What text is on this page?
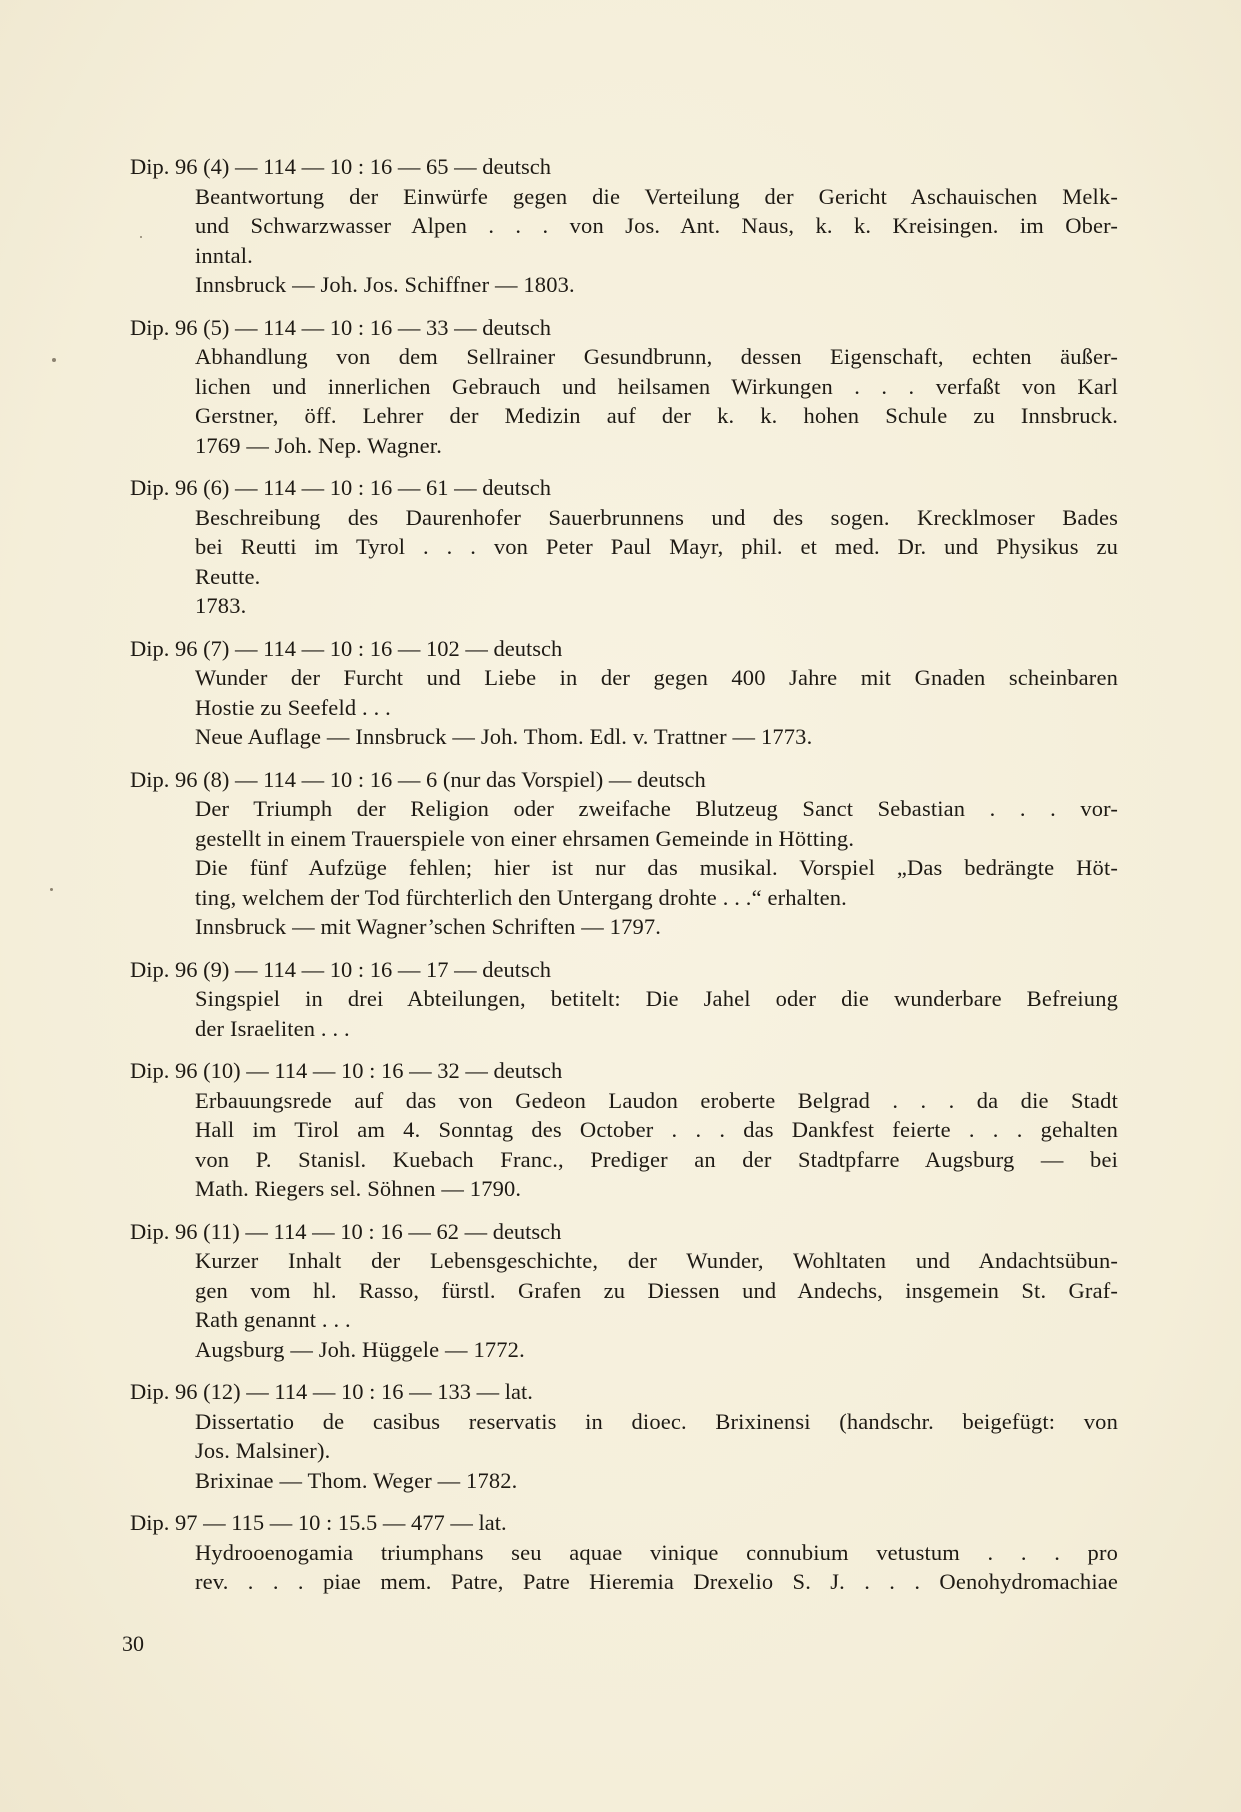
Dip. 96 (4) — 114 — 10 : 16 — 65 — deutsch

Beantwortung der Einwürfe gegen die Verteilung der Gericht Aschauischen Melk-

und Schwarzwasser Alpen . . . von Jos. Ant. Naus, k. k. Kreisingen. im Ober-

inntal.

Innsbruck — Joh. Jos. Schiffner — 1803.

Dip. 96 (5) — 114 — 10 : 16 — 33 — deutsch

Abhandlung von dem Sellrainer Gesundbrunn, dessen Eigenschaft, echten äußer-

lichen und innerlichen Gebrauch und heilsamen Wirkungen . . . verfaßt von Karl

Gerstner, öff. Lehrer der Medizin auf der k. k. hohen Schule zu Innsbruck.

1769 — Joh. Nep. Wagner.

Dip. 96 (6) — 114 — 10 : 16 — 61 — deutsch

Beschreibung des Daurenhofer Sauerbrunnens und des sogen. Krecklmoser Bades

bei Reutti im Tyrol . . . von Peter Paul Mayr, phil. et med. Dr. und Physikus zu

Reutte.

1783.

Dip. 96 (7) — 114 — 10 : 16 — 102 — deutsch

Wunder der Furcht und Liebe in der gegen 400 Jahre mit Gnaden scheinbaren

Hostie zu Seefeld . . .

Neue Auflage — Innsbruck — Joh. Thom. Edl. v. Trattner — 1773.

Dip. 96 (8) — 114 — 10 : 16 — 6 (nur das Vorspiel) — deutsch

Der Triumph der Religion oder zweifache Blutzeug Sanct Sebastian . . . vor-

gestellt in einem Trauerspiele von einer ehrsamen Gemeinde in Hötting.

Die fünf Aufzüge fehlen; hier ist nur das musikal. Vorspiel „Das bedrängte Höt-

ting, welchem der Tod fürchterlich den Untergang drohte . . .“ erhalten.

Innsbruck — mit Wagner’schen Schriften — 1797.

Dip. 96 (9) — 114 — 10 : 16 — 17 — deutsch

Singspiel in drei Abteilungen, betitelt: Die Jahel oder die wunderbare Befreiung

der Israeliten . . .

Dip. 96 (10) — 114 — 10 : 16 — 32 — deutsch

Erbauungsrede auf das von Gedeon Laudon eroberte Belgrad . . . da die Stadt

Hall im Tirol am 4. Sonntag des October . . . das Dankfest feierte . . . gehalten

von P. Stanisl. Kuebach Franc., Prediger an der Stadtpfarre Augsburg — bei

Math. Riegers sel. Söhnen — 1790.

Dip. 96 (11) — 114 — 10 : 16 — 62 — deutsch

Kurzer Inhalt der Lebensgeschichte, der Wunder, Wohltaten und Andachtsübun-

gen vom hl. Rasso, fürstl. Grafen zu Diessen und Andechs, insgemein St. Graf-

Rath genannt . . .

Augsburg — Joh. Hüggele — 1772.

Dip. 96 (12) — 114 — 10 : 16 — 133 — lat.

Dissertatio de casibus reservatis in dioec. Brixinensi (handschr. beigefügt: von

Jos. Malsiner).

Brixinae — Thom. Weger — 1782.

Dip. 97 — 115 — 10 : 15.5 — 477 — lat.

Hydrooenogamia triumphans seu aquae vinique connubium vetustum . . . pro

rev. . . . piae mem. Patre, Patre Hieremia Drexelio S. J. . . . Oenohydromachiae

30
